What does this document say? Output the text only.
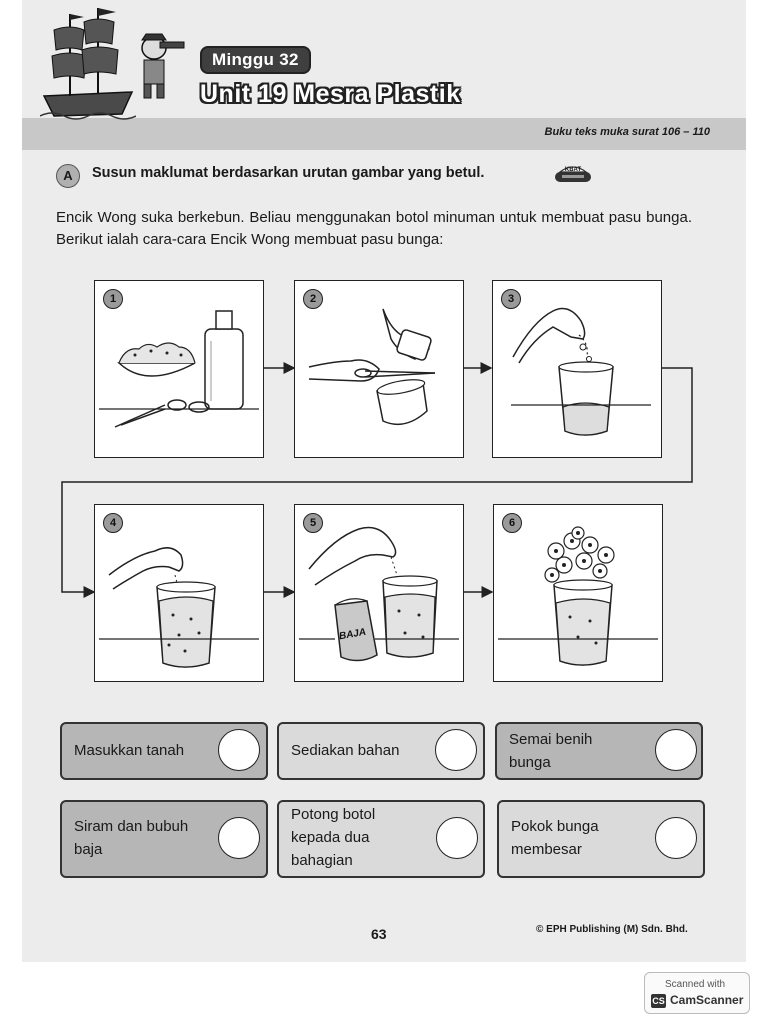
Minggu 32
Unit 19 Mesra Plastik
Buku teks muka surat 106 – 110
A	Susun maklumat berdasarkan urutan gambar yang betul.	KBAT
Encik Wong suka berkebun. Beliau menggunakan botol minuman untuk membuat pasu bunga. Berikut ialah cara-cara Encik Wong membuat pasu bunga:
1	2	3
4
BAJA
5	6
Masukkan tanah	Sediakan bahan
Semai benih
bunga
Siram dan bubuh
baja
Potong botol
kepada dua
bahagian
Pokok bunga
membesar
63	© EPH Publishing (M) Sdn. Bhd.
Scanned with
CS CamScanner
